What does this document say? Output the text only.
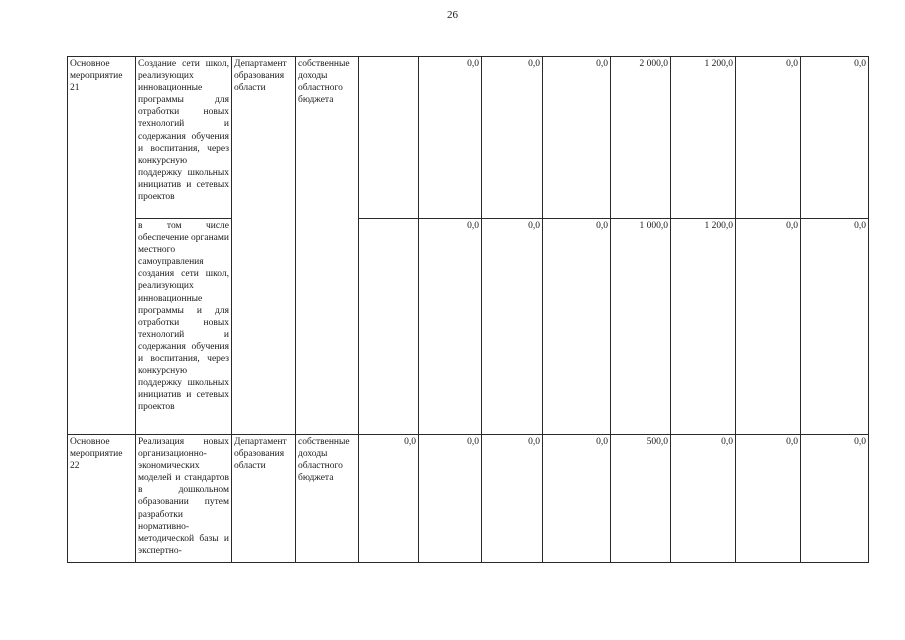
26
Основное мероприятие 21	Создание сети школ, реализующих инновационные программы для отработки новых технологий и содержания обучения и воспитания, через конкурсную поддержку школьных инициатив и сетевых проектов	Департамент образования области	собственные доходы областного бюджета		0,0	0,0	0,0	2 000,0	1 200,0	0,0	0,0	
	в том числе обеспечение органами местного самоуправления создания сети школ, реализующих инновационные программы и для отработки новых технологий и содержания обучения и воспитания, через конкурсную поддержку школьных инициатив и сетевых проектов				0,0	0,0	0,0	1 000,0	1 200,0	0,0	0,0	

Основное мероприятие 22	Реализация новых организационно-экономических моделей и стандартов в дошкольном образовании путем разработки нормативно-методической базы и экспертно-	Департамент образования области	собственные доходы областного бюджета	0,0	0,0	0,0	0,0	500,0	0,0	0,0	0,0	
